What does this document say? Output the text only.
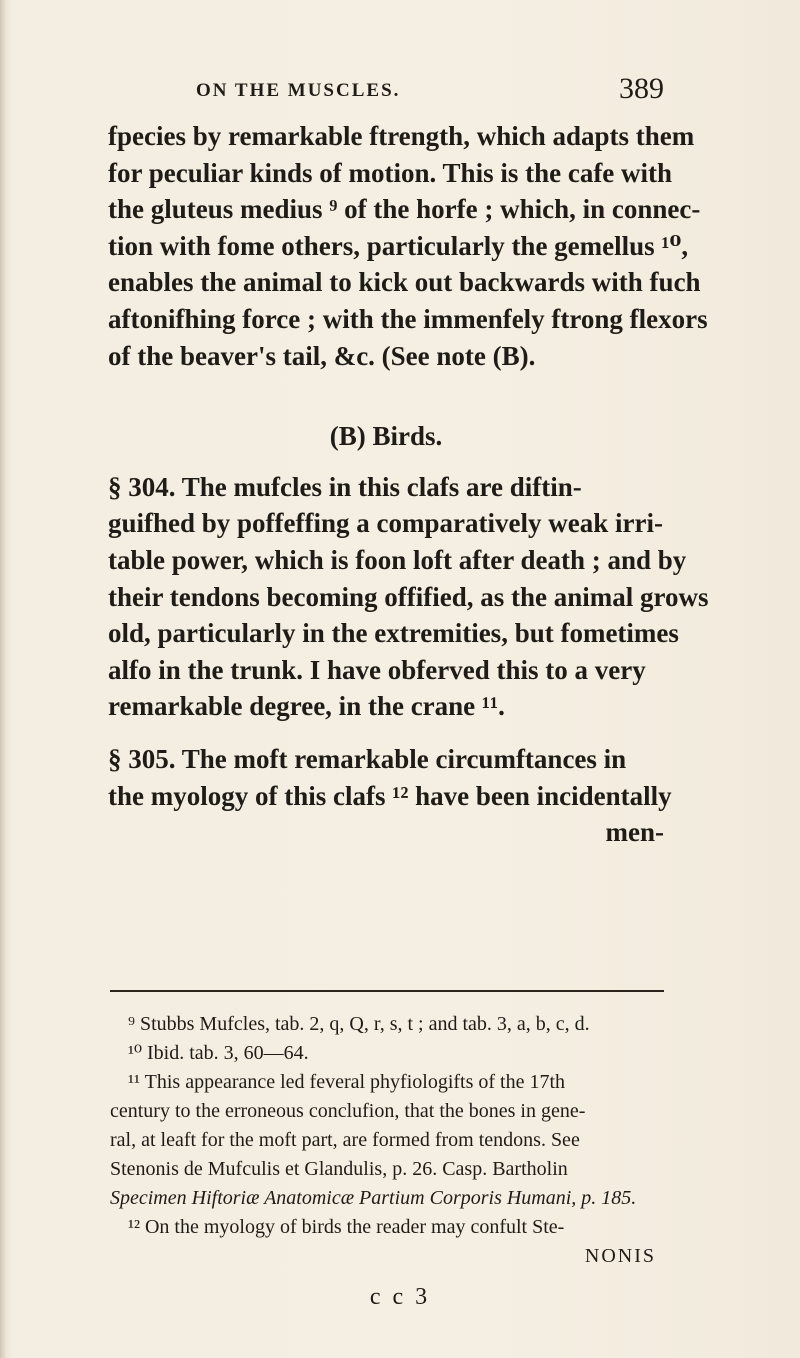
ON THE MUSCLES.	389
fpecies by remarkable ftrength, which adapts them
for peculiar kinds of motion. This is the cafe with
the gluteus medius ⁹ of the horfe ; which, in connec-
tion with fome others, particularly the gemellus ¹⁰,
enables the animal to kick out backwards with fuch
aftonifhing force ; with the immenfely ftrong flexors
of the beaver's tail, &c. (See note (B).
(B) Birds.
§ 304. The mufcles in this clafs are diftin-
guifhed by poffeffing a comparatively weak irri-
table power, which is foon loft after death ; and by
their tendons becoming offified, as the animal grows
old, particularly in the extremities, but fometimes
alfo in the trunk. I have obferved this to a very
remarkable degree, in the crane ¹¹.
§ 305. The moft remarkable circumftances in
the myology of this clafs ¹² have been incidentally
men-
⁹ Stubbs Mufcles, tab. 2, q, Q, r, s, t ; and tab. 3, a, b, c, d.
¹⁰ Ibid. tab. 3, 60—64.
¹¹ This appearance led feveral phyfiologifts of the 17th
century to the erroneous conclufion, that the bones in gene-
ral, at leaft for the moft part, are formed from tendons. See
Stenonis de Mufculis et Glandulis, p. 26. Casp. Bartholin
Specimen Hiftoriæ Anatomicæ Partium Corporis Humani, p. 185.
¹² On the myology of birds the reader may confult Ste-
NONIS
c c 3
